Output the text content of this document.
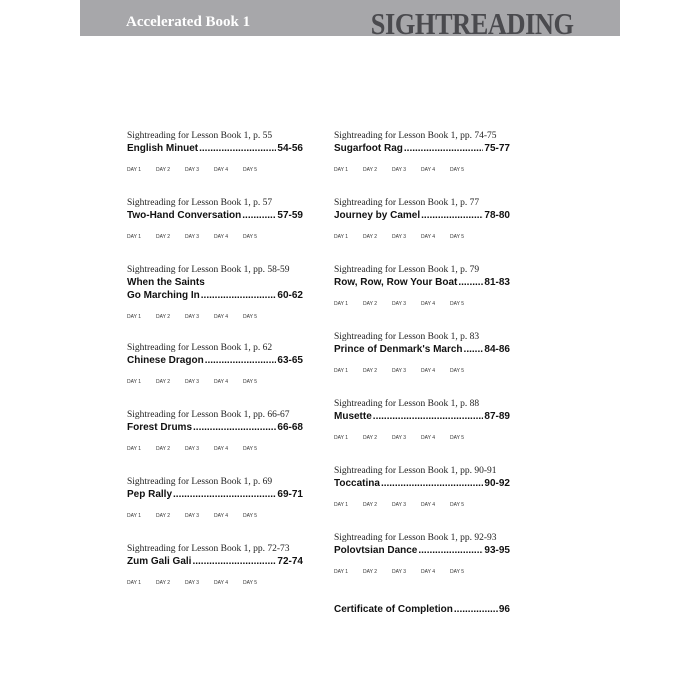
Accelerated Book 1	SIGHTREADING
Sightreading for Lesson Book 1, p. 55
English Minuet .....	54-56
DAY 1	DAY 2	DAY 3	DAY 4	DAY 5
Sightreading for Lesson Book 1, p. 57
Two-Hand Conversation .....	57-59
DAY 1	DAY 2	DAY 3	DAY 4	DAY 5
Sightreading for Lesson Book 1, pp. 58-59
When the Saints
Go Marching In .....	60-62
DAY 1	DAY 2	DAY 3	DAY 4	DAY 5
Sightreading for Lesson Book 1, p. 62
Chinese Dragon .....	63-65
DAY 1	DAY 2	DAY 3	DAY 4	DAY 5
Sightreading for Lesson Book 1, pp. 66-67
Forest Drums .....	66-68
DAY 1	DAY 2	DAY 3	DAY 4	DAY 5
Sightreading for Lesson Book 1, p. 69
Pep Rally .....	69-71
DAY 1	DAY 2	DAY 3	DAY 4	DAY 5
Sightreading for Lesson Book 1, pp. 72-73
Zum Gali Gali .....	72-74
DAY 1	DAY 2	DAY 3	DAY 4	DAY 5
Sightreading for Lesson Book 1, pp. 74-75
Sugarfoot Rag .....	75-77
DAY 1	DAY 2	DAY 3	DAY 4	DAY 5
Sightreading for Lesson Book 1, p. 77
Journey by Camel .....	78-80
DAY 1	DAY 2	DAY 3	DAY 4	DAY 5
Sightreading for Lesson Book 1, p. 79
Row, Row, Row Your Boat .....	81-83
DAY 1	DAY 2	DAY 3	DAY 4	DAY 5
Sightreading for Lesson Book 1, p. 83
Prince of Denmark's March ..... 84-86
DAY 1	DAY 2	DAY 3	DAY 4	DAY 5
Sightreading for Lesson Book 1, p. 88
Musette .....	87-89
DAY 1	DAY 2	DAY 3	DAY 4	DAY 5
Sightreading for Lesson Book 1, pp. 90-91
Toccatina .....	90-92
DAY 1	DAY 2	DAY 3	DAY 4	DAY 5
Sightreading for Lesson Book 1, pp. 92-93
Polovtsian Dance .....	93-95
DAY 1	DAY 2	DAY 3	DAY 4	DAY 5
Certificate of Completion .....	96
